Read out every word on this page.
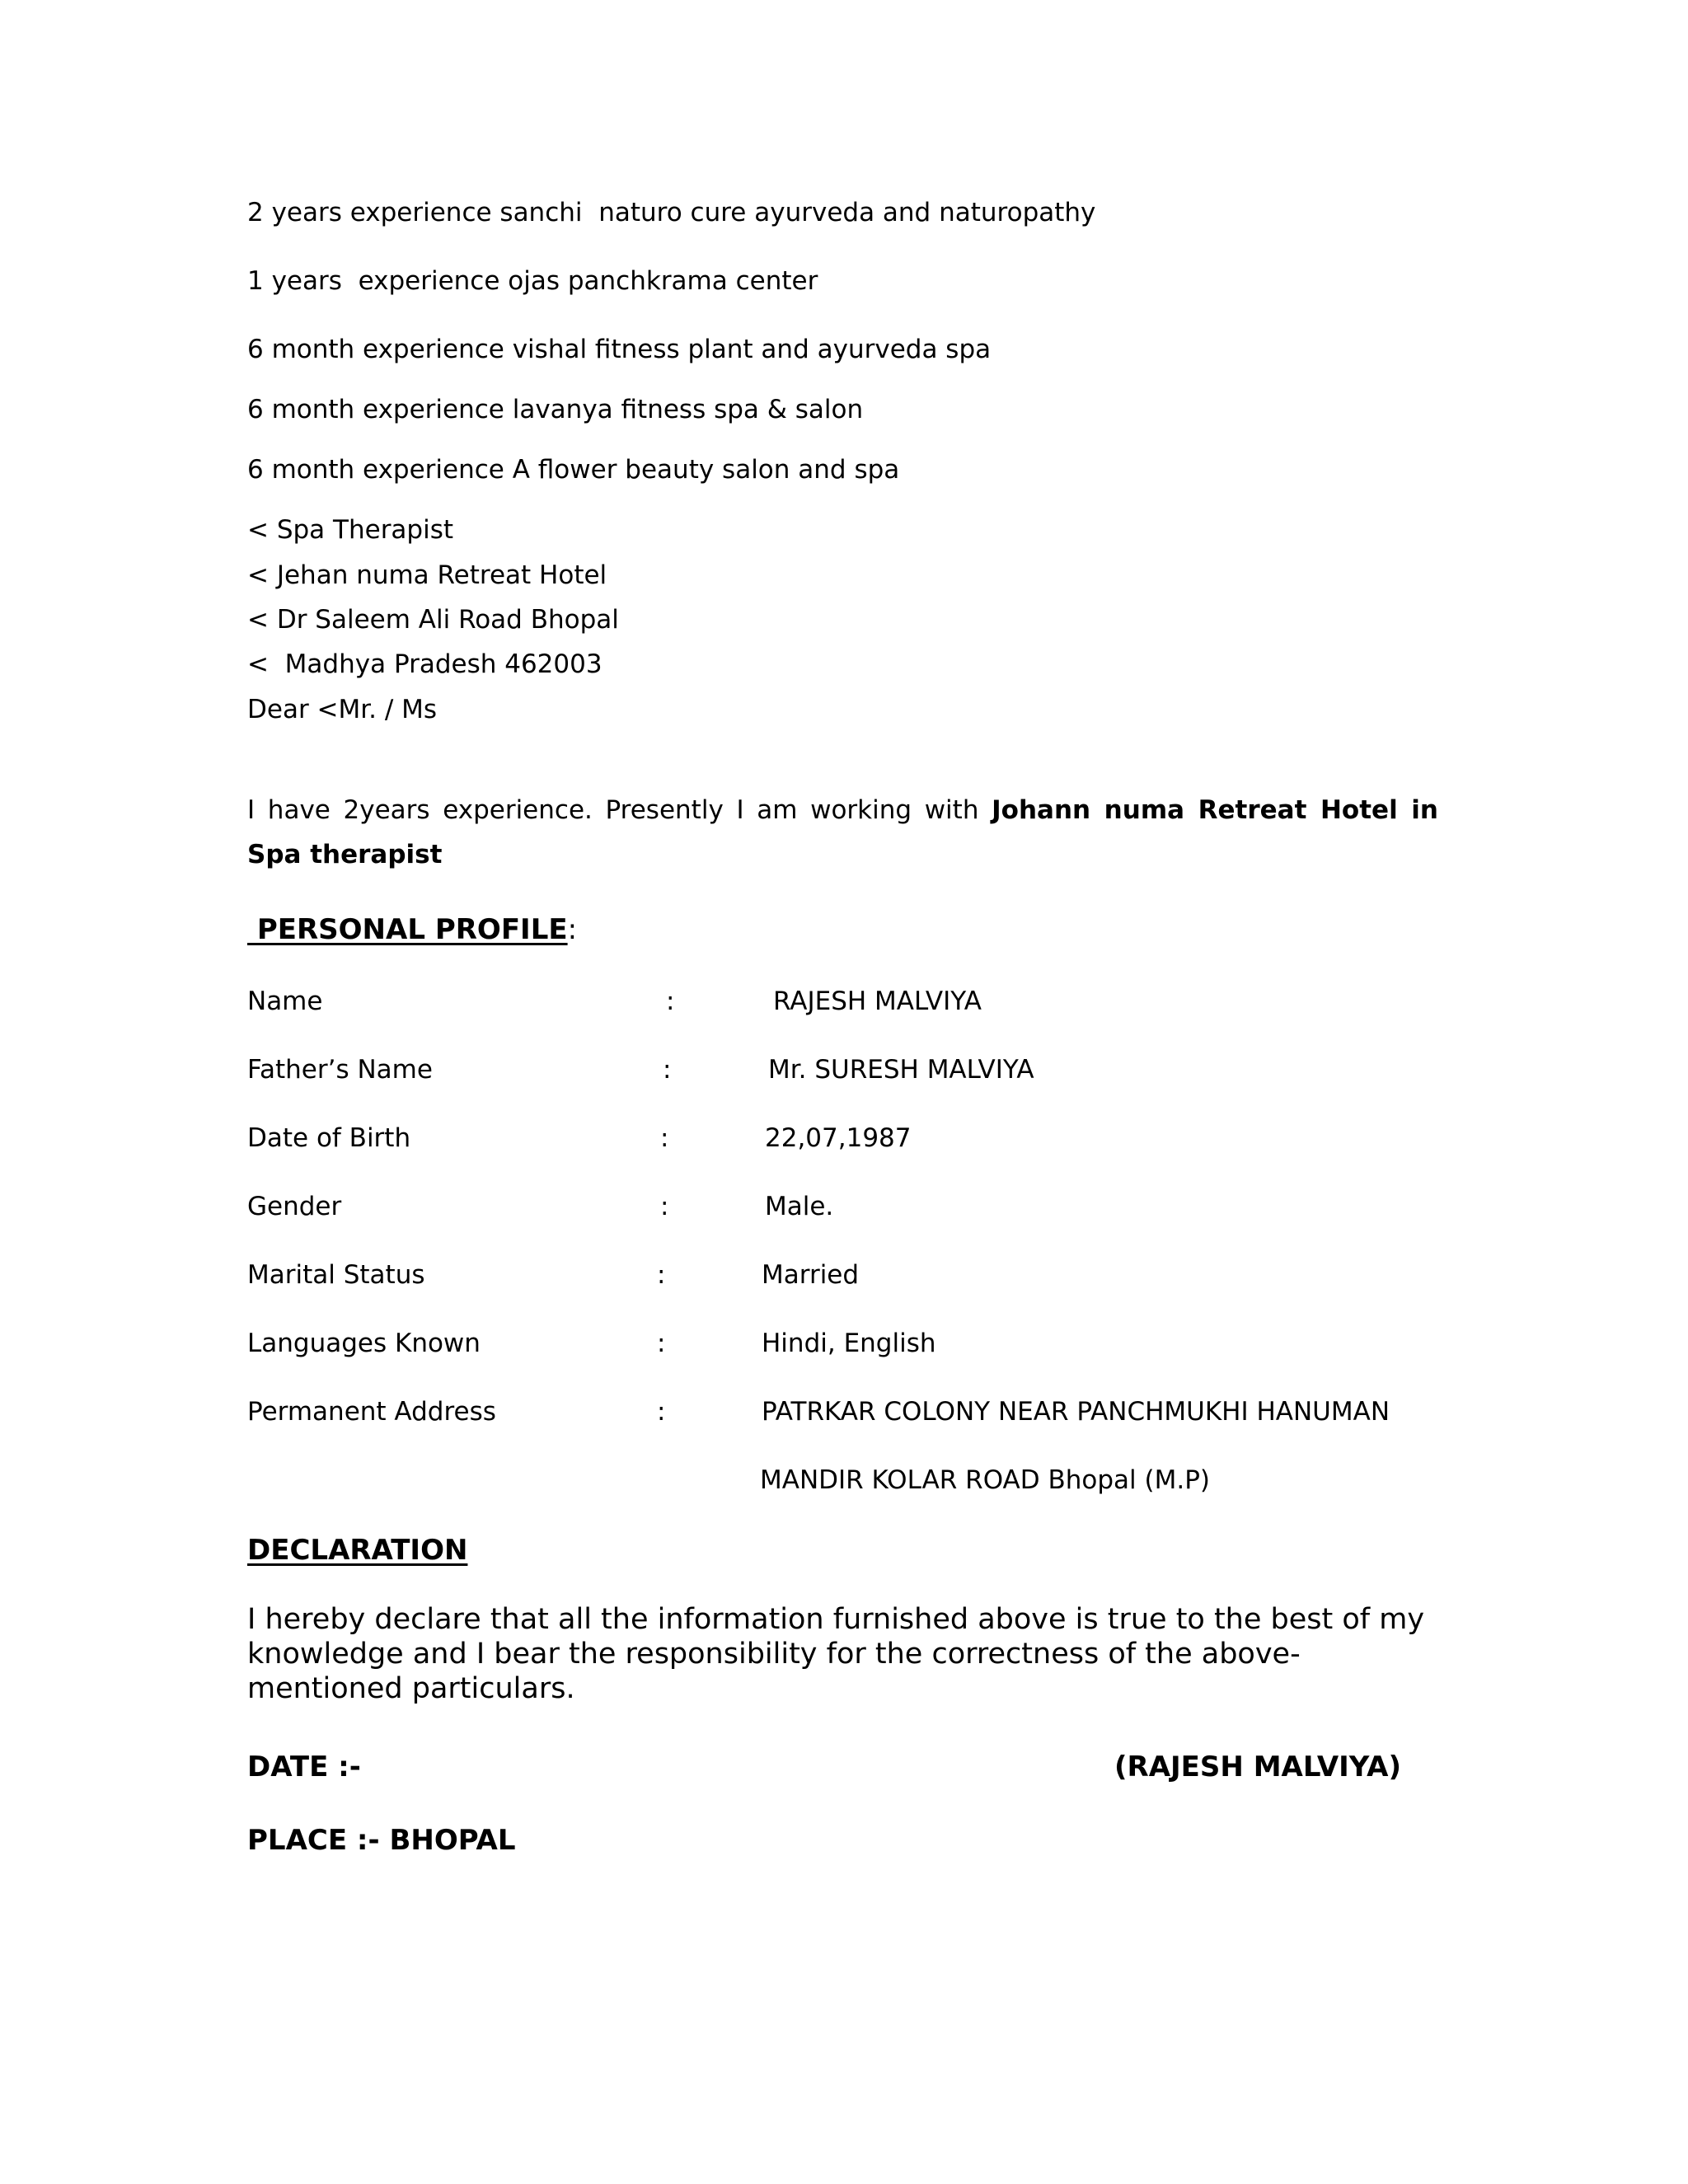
2 years experience sanchi  naturo cure ayurveda and naturopathy
1 years  experience ojas panchkrama center
6 month experience vishal fitness plant and ayurveda spa
6 month experience lavanya fitness spa & salon
6 month experience A flower beauty salon and spa
< Spa Therapist
< Jehan numa Retreat Hotel
< Dr Saleem Ali Road Bhopal
<  Madhya Pradesh 462003
Dear <Mr. / Ms
I have 2years experience. Presently I am working with Johann numa Retreat Hotel in Spa therapist
PERSONAL PROFILE:
Name	:	RAJESH MALVIYA
Father’s Name	:	Mr. SURESH MALVIYA
Date of Birth	:	22,07,1987
Gender	:	Male.
Marital Status	:	Married
Languages Known	:	Hindi, English
Permanent Address	:	PATRKAR COLONY NEAR PANCHMUKHI HANUMAN
MANDIR KOLAR ROAD Bhopal (M.P)
DECLARATION
I hereby declare that all the information furnished above is true to the best of my knowledge and I bear the responsibility for the correctness of the above-mentioned particulars.
DATE :-	(RAJESH MALVIYA)
PLACE :- BHOPAL
